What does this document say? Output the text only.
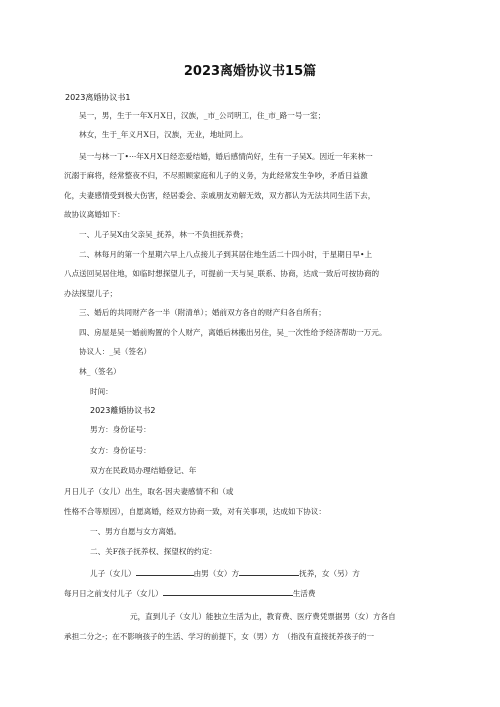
2023离婚协议书15篇
2023离婚协议书1
吴一，男，生于一年X月X日，汉族，_市_公司明工，住_市_路一号一室；
林女，生于_年义月X日，汉族，无业，地址同上。
吴一与林一丁•···年X月X日经恋爱结婚，婚后感情尚好，生有一子吴X。因近一年来林一
沉溺于麻将，经常整夜不归，不尽照顾家庭和儿子的义务，为此经常发生争吵，矛盾日益激
化，夫妻感情受到极大伤害，经居委会、亲戚朋友劝解无效，双方都认为无法共同生活下去，
故协议离婚如下：
一、儿子吴X由父亲吴_抚养，林一不负担抚养费；
二、林每月的第一个星期六早上八点接儿子到其居住地生活二十四小时，于星期日早•上
八点送回吴居住地，如临时想探望儿子，可提前一天与吴_联系、协商，达成一致后可按协商的
办法探望儿子；
三、婚后的共同财产各一半（附清单）；婚前双方各自的财产归各自所有；
四、房屋是吴一婚前购置的个人财产，离婚后林搬出另住，吴_一次性给予经济帮助一万元。
协议人：_吴（签名）
林_（签名）
时间：
2023離婚协议书2
男方：身份证号：
女方：身份证号：
双方在民政局办理结婚登记、年
月日儿子（女儿）出生，取名·因夫妻感情不和（或
性格不合等原因），自愿离婚，经双方协商一致，对有关事项，达成如下协议：
一、男方自愿与女方离婚。
二、关F孩子抚养权、探望权的约定：
儿子（女儿）	由男（女）方	抚养，女（另）方
每月日之前支付儿子（女儿）	生活费
元，直到儿子（女儿）能独立生活为止，教育费、医疗费凭票据男（女）方各自
承担二分之-；在不影响孩子的生活、学习的前提下，女（男）方　（指没有直接抚养孩子的一
